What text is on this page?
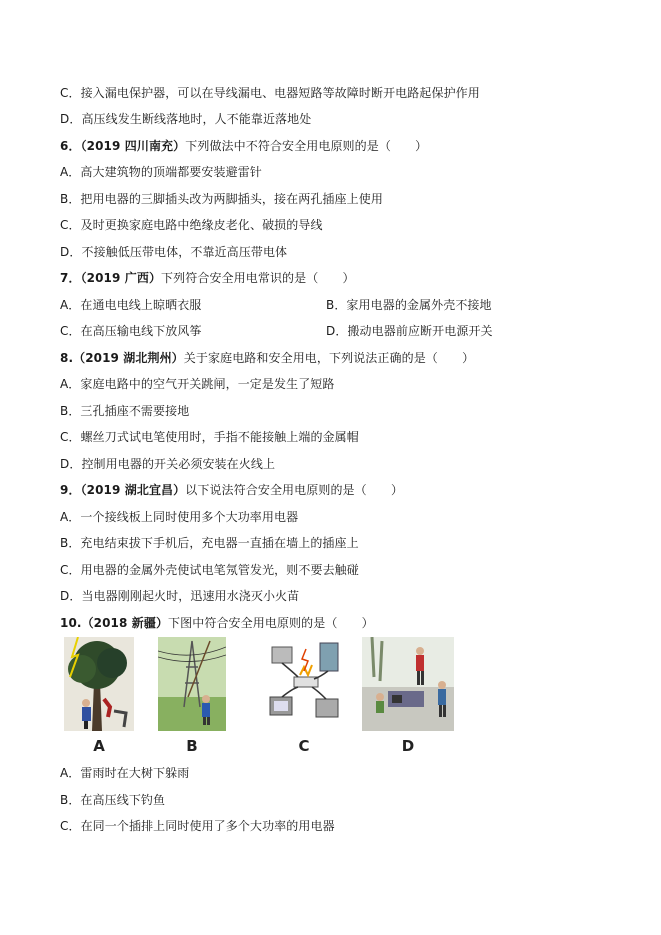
C．接入漏电保护器，可以在导线漏电、电器短路等故障时断开电路起保护作用
D．高压线发生断线落地时，人不能靠近落地处
6．（2019 四川南充）下列做法中不符合安全用电原则的是（　　）
A．高大建筑物的顶端都要安装避雷针
B．把用电器的三脚插头改为两脚插头，接在两孔插座上使用
C．及时更换家庭电路中绝缘皮老化、破损的导线
D．不接触低压带电体，不靠近高压带电体
7．（2019 广西）下列符合安全用电常识的是（　　）
A．在通电电线上晾晒衣服	B．家用电器的金属外壳不接地
C．在高压输电线下放风筝	D．搬动电器前应断开电源开关
8.（2019 湖北荆州）关于家庭电路和安全用电，下列说法正确的是（　　）
A．家庭电路中的空气开关跳闸，一定是发生了短路
B．三孔插座不需要接地
C．螺丝刀式试电笔使用时，手指不能接触上端的金属帽
D．控制用电器的开关必须安装在火线上
9．（2019 湖北宜昌）以下说法符合安全用电原则的是（　　）
A．一个接线板上同时使用多个大功率用电器
B．充电结束拔下手机后，充电器一直插在墙上的插座上
C．用电器的金属外壳使试电笔氖管发光，则不要去触碰
D．当电器刚刚起火时，迅速用水浇灭小火苗
10.（2018 新疆）下图中符合安全用电原则的是（　　）
A	B	C	D
A．雷雨时在大树下躲雨
B．在高压线下钓鱼
C．在同一个插排上同时使用了多个大功率的用电器
